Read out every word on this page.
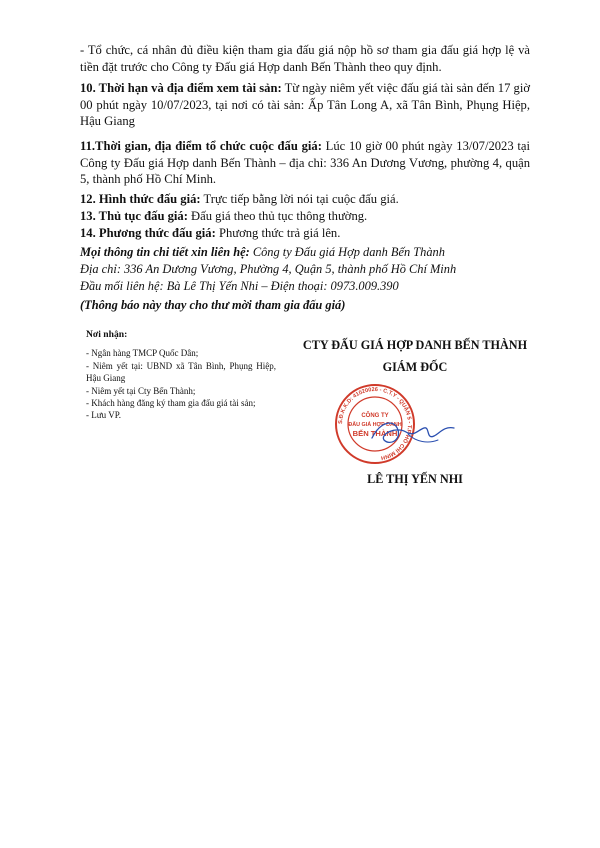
- Tổ chức, cá nhân đủ điều kiện tham gia đấu giá nộp hồ sơ tham gia đấu giá hợp lệ và tiền đặt trước cho Công ty Đấu giá Hợp danh Bến Thành theo quy định.

10. Thời hạn và địa điểm xem tài sản: Từ ngày niêm yết việc đấu giá tài sản đến 17 giờ 00 phút ngày 10/07/2023, tại nơi có tài sản: Ấp Tân Long A, xã Tân Bình, Phụng Hiệp, Hậu Giang

11.Thời gian, địa điểm tổ chức cuộc đấu giá: Lúc 10 giờ 00 phút ngày 13/07/2023 tại Công ty Đấu giá Hợp danh Bến Thành – địa chỉ: 336 An Dương Vương, phường 4, quận 5, thành phố Hồ Chí Minh.

12. Hình thức đấu giá: Trực tiếp bằng lời nói tại cuộc đấu giá.

13. Thủ tục đấu giá: Đấu giá theo thủ tục thông thường.

14. Phương thức đấu giá: Phương thức trả giá lên.

Mọi thông tin chi tiết xin liên hệ: Công ty Đấu giá Hợp danh Bến Thành

Địa chỉ: 336 An Dương Vương, Phường 4, Quận 5, thành phố Hồ Chí Minh

Đầu mối liên hệ: Bà Lê Thị Yến Nhi – Điện thoại: 0973.009.390

(Thông báo này thay cho thư mời tham gia đấu giá)

Nơi nhận:
- Ngân hàng TMCP Quốc Dân;
- Niêm yết tại: UBND xã Tân Bình, Phụng Hiệp, Hậu Giang
- Niêm yết tại Cty Bến Thành;
- Khách hàng đăng ký tham gia đấu giá tài sản;
- Lưu VP.
CTY ĐẤU GIÁ HỢP DANH BẾN THÀNH
GIÁM ĐỐC
S.Đ.K.K.D: 41020026 - C.T.Y - QUẬN 5 - T.P HỒ CHÍ MINH
CÔNG TY
ĐẤU GIÁ HỢP DANH
BẾN THÀNH
LÊ THỊ YẾN NHI
